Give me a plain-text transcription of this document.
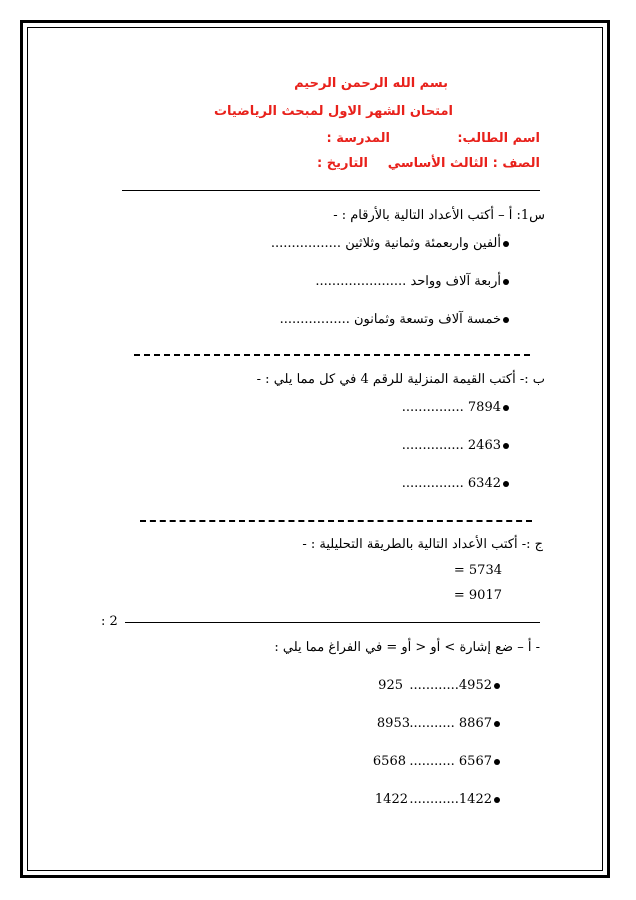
بسم الله الرحمن الرحيم
امتحان الشهر الاول لمبحث الرياضيات
اسم الطالب:
المدرسة :
الصف : الثالث الأساسي
التاريخ :
س1: أ – أكتب الأعداد التالية بالأرقام : -
ألفين واربعمئة وثمانية وثلاثين .................
أربعة آلاف وواحد ......................
خمسة آلاف وتسعة وثمانون .................
ب :- أكتب القيمة المنزلية للرقم 4 في كل مما يلي : -
7894 ...............
2463 ...............
6342 ...............
ج :- أكتب الأعداد التالية بالطريقة التحليلية : -
5734 =
9017 =
: 2
- أ – ضع إشارة > أو < أو = في الفراغ مما يلي :
4952............
925
8867 ...........
8953
6567 ...........
6568
1422............
1422
